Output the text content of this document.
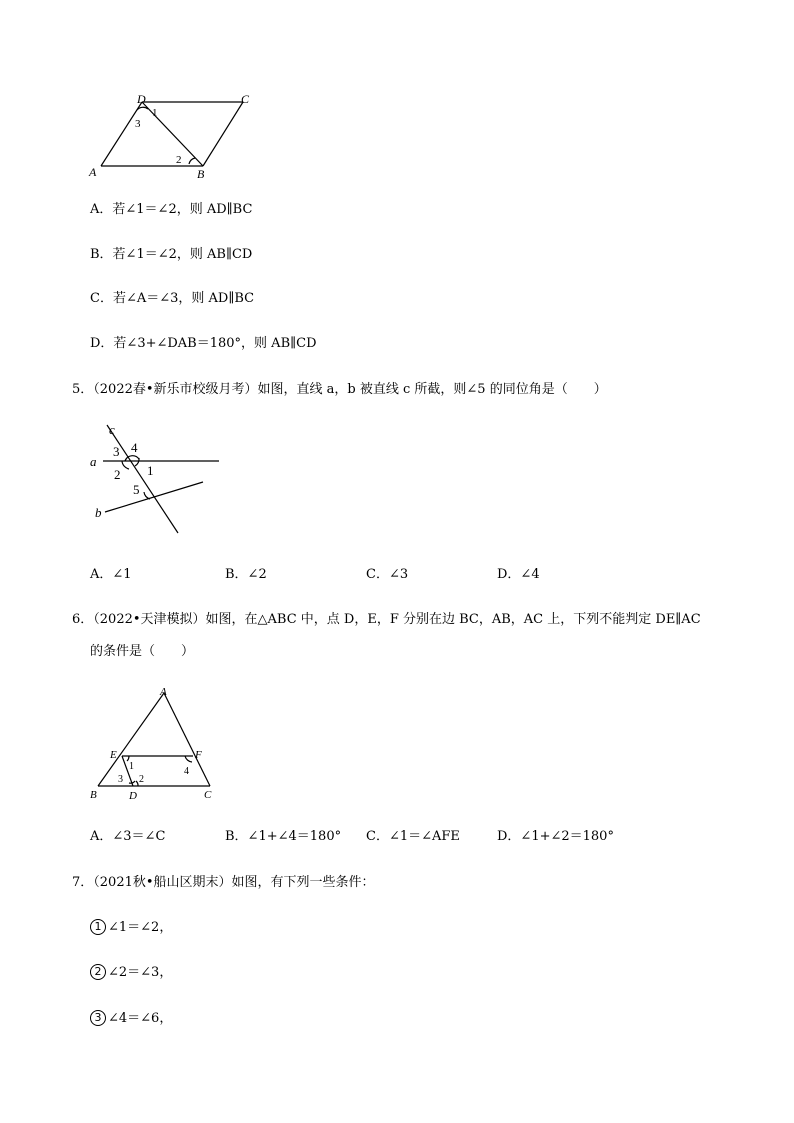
D	C
A	B
1
2
3
A．若∠1＝∠2，则 AD∥BC
B．若∠1＝∠2，则 AB∥CD
C．若∠A＝∠3，则 AD∥BC
D．若∠3+∠DAB＝180°，则 AB∥CD
5．（2022春•新乐市校级月考）如图，直线 a，b 被直线 c 所截，则∠5 的同位角是（　　）
c
a
b
3 4
1
2
5
A．∠1	B．∠2	C．∠3	D．∠4
6．（2022•天津模拟）如图，在△ABC 中，点 D，E，F 分别在边 BC，AB，AC 上，下列不能判定 DE∥AC
的条件是（　　）
A
E	F
B	D	C
1
2
3
4
A．∠3＝∠C	B．∠1+∠4＝180° C．∠1＝∠AFE	D．∠1+∠2＝180°
7．（2021秋•船山区期末）如图，有下列一些条件：
1 ∠1＝∠2，
2 ∠2＝∠3，
3 ∠4＝∠6，
